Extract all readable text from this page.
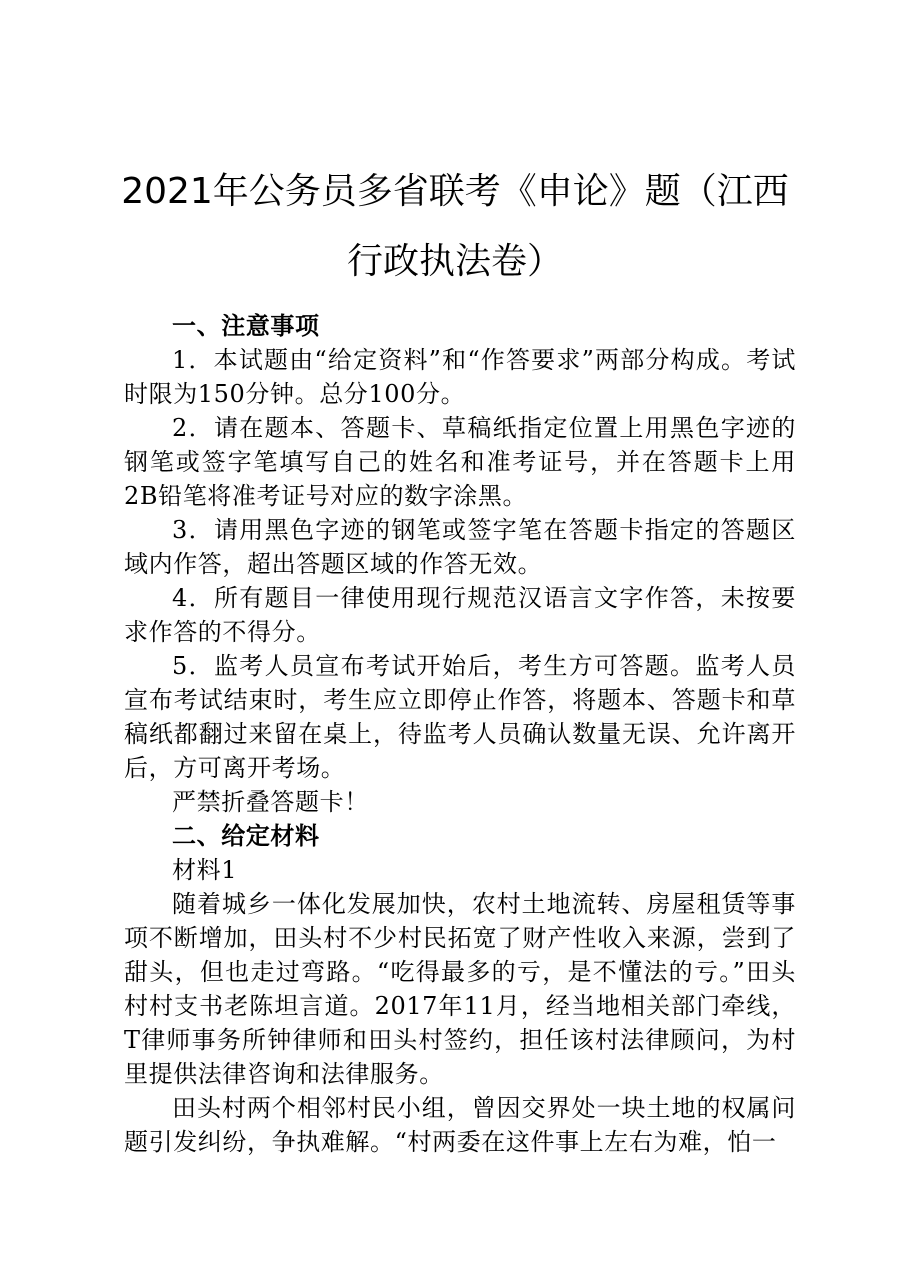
2021年公务员多省联考《申论》题（江西行政执法卷）

一、注意事项

1．本试题由“给定资料”和“作答要求”两部分构成。考试时限为150分钟。总分100分。

2．请在题本、答题卡、草稿纸指定位置上用黑色字迹的钢笔或签字笔填写自己的姓名和准考证号，并在答题卡上用2B铅笔将准考证号对应的数字涂黑。

3．请用黑色字迹的钢笔或签字笔在答题卡指定的答题区域内作答，超出答题区域的作答无效。

4．所有题目一律使用现行规范汉语言文字作答，未按要求作答的不得分。

5．监考人员宣布考试开始后，考生方可答题。监考人员宣布考试结束时，考生应立即停止作答，将题本、答题卡和草稿纸都翻过来留在桌上，待监考人员确认数量无误、允许离开后，方可离开考场。

严禁折叠答题卡！

二、给定材料

材料1

随着城乡一体化发展加快，农村土地流转、房屋租赁等事项不断增加，田头村不少村民拓宽了财产性收入来源，尝到了甜头，但也走过弯路。“吃得最多的亏，是不懂法的亏。”田头村村支书老陈坦言道。2017年11月，经当地相关部门牵线，T律师事务所钟律师和田头村签约，担任该村法律顾问，为村里提供法律咨询和法律服务。

田头村两个相邻村民小组，曾因交界处一块土地的权属问题引发纠纷，争执难解。“村两委在这件事上左右为难，怕一
